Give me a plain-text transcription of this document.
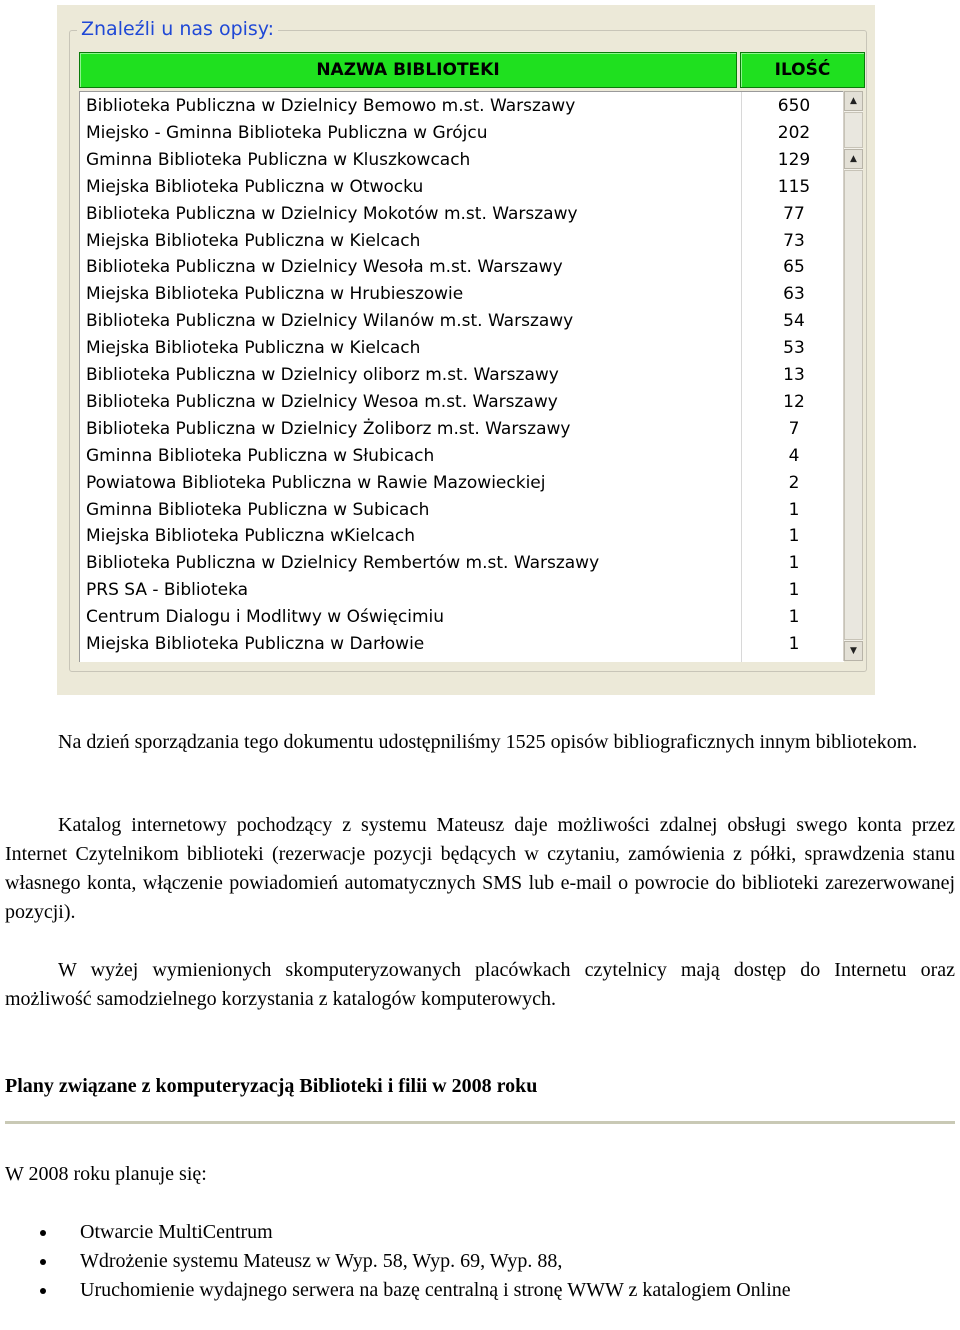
Znaleźli u nas opisy:
NAZWA BIBLIOTEKI	ILOŚĆ
Biblioteka Publiczna w Dzielnicy Bemowo m.st. Warszawy	650
Miejsko - Gminna Biblioteka Publiczna w Grójcu	202
Gminna Biblioteka Publiczna w Kluszkowcach	129
Miejska Biblioteka Publiczna w Otwocku	115
Biblioteka Publiczna w Dzielnicy Mokotów m.st. Warszawy	77
Miejska Biblioteka Publiczna w Kielcach	73
Biblioteka Publiczna w Dzielnicy Wesoła m.st. Warszawy	65
Miejska Biblioteka Publiczna w Hrubieszowie	63
Biblioteka Publiczna w Dzielnicy Wilanów m.st. Warszawy	54
Miejska Biblioteka Publiczna w Kielcach	53
Biblioteka Publiczna w Dzielnicy oliborz m.st. Warszawy	13
Biblioteka Publiczna w Dzielnicy Wesoa m.st. Warszawy	12
Biblioteka Publiczna w Dzielnicy Żoliborz m.st. Warszawy	7
Gminna Biblioteka Publiczna w Słubicach	4
Powiatowa Biblioteka Publiczna w Rawie Mazowieckiej	2
Gminna Biblioteka Publiczna w Subicach	1
Miejska Biblioteka Publiczna wKielcach	1
Biblioteka Publiczna w Dzielnicy Rembertów m.st. Warszawy	1
PRS SA - Biblioteka	1
Centrum Dialogu i Modlitwy w Oświęcimiu	1
Miejska Biblioteka Publiczna w Darłowie	1
▲
▲
▼

Na dzień sporządzania tego dokumentu udostępniliśmy 1525 opisów bibliograficznych innym bibliotekom.

Katalog internetowy pochodzący z systemu Mateusz daje możliwości zdalnej obsługi swego konta przez Internet Czytelnikom biblioteki (rezerwacje pozycji będących w czytaniu, zamówienia z półki, sprawdzenia stanu własnego konta, włączenie powiadomień automatycznych SMS lub e-mail o powrocie do biblioteki zarezerwowanej pozycji).

W wyżej wymienionych skomputeryzowanych placówkach czytelnicy mają dostęp do Internetu oraz możliwość samodzielnego korzystania z katalogów komputerowych.

Plany związane z komputeryzacją Biblioteki i filii w 2008 roku

W 2008 roku planuje się:

Otwarcie MultiCentrum
Wdrożenie systemu Mateusz w Wyp. 58, Wyp. 69, Wyp. 88,
Uruchomienie wydajnego serwera na bazę centralną i stronę WWW z katalogiem Online
